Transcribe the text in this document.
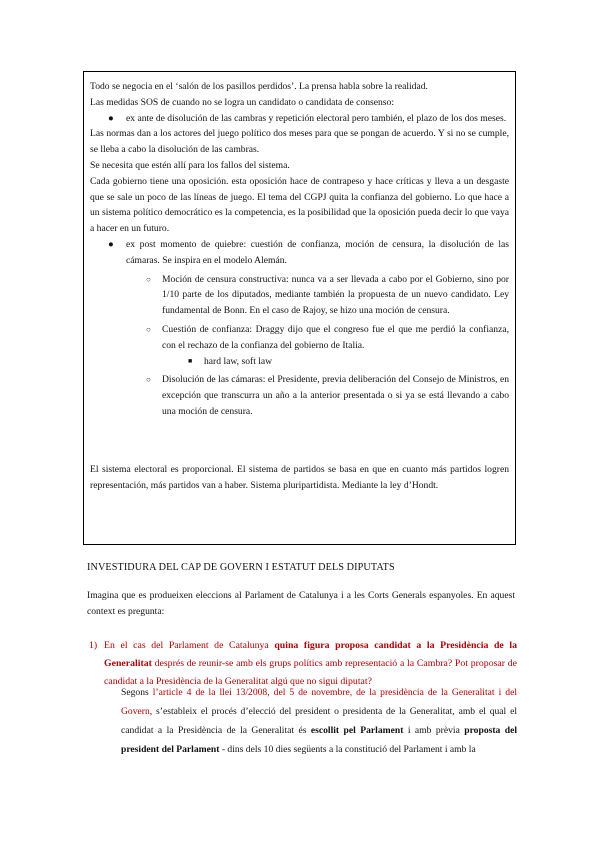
Todo se negocia en el ‘salón de los pasillos perdidos’. La prensa habla sobre la realidad.

Las medidas SOS de cuando no se logra un candidato o candidata de consenso:

● ex ante de disolución de las cambras y repetición electoral pero también, el plazo de los dos meses.

Las normas dan a los actores del juego político dos meses para que se pongan de acuerdo. Y si no se cumple, se lleba a cabo la disolución de las cambras.

Se necesita que estén allí para los fallos del sistema.

Cada gobierno tiene una oposición. esta oposición hace de contrapeso y hace críticas y lleva a un desgaste que se sale un poco de las líneas de juego. El tema del CGPJ quita la confianza del gobierno. Lo que hace a un sistema político democrático es la competencia, es la posibilidad que la oposición pueda decir lo que vaya a hacer en un futuro.

● ex post momento de quiebre: cuestión de confianza, moción de censura, la disolución de las cámaras. Se inspira en el modelo Alemán.
○ Moción de censura constructiva: nunca va a ser llevada a cabo por el Gobierno, sino por 1/10 parte de los diputados, mediante también la propuesta de un nuevo candidato. Ley fundamental de Bonn. En el caso de Rajoy, se hizo una moción de censura.
○ Cuestión de confianza: Draggy dijo que el congreso fue el que me perdió la confianza, con el rechazo de la confianza del gobierno de Italia.
■ hard law, soft law
○ Disolución de las cámaras: el Presidente, previa deliberación del Consejo de Ministros, en excepción que transcurra un año a la anterior presentada o si ya se está llevando a cabo una moción de censura.

El sistema electoral es proporcional. El sistema de partidos se basa en que en cuanto más partidos logren representación, más partidos van a haber. Sistema pluripartidista. Mediante la ley d’Hondt.

INVESTIDURA DEL CAP DE GOVERN I ESTATUT DELS DIPUTATS

Imagina que es produeixen eleccions al Parlament de Catalunya i a les Corts Generals espanyoles. En aquest context es pregunta:

1) En el cas del Parlament de Catalunya quina figura proposa candidat a la Presidència de la Generalitat després de reunir-se amb els grups polítics amb representació a la Cambra? Pot proposar de candidat a la Presidència de la Generalitat algú que no sigui diputat?

Segons l’article 4 de la llei 13/2008, del 5 de novembre, de la presidència de la Generalitat i del Govern, s’estableix el procés d’elecció del president o presidenta de la Generalitat, amb el qual el candidat a la Presidència de la Generalitat és escollit pel Parlament i amb prèvia proposta del president del Parlament - dins dels 10 dies següents a la constitució del Parlament i amb la
